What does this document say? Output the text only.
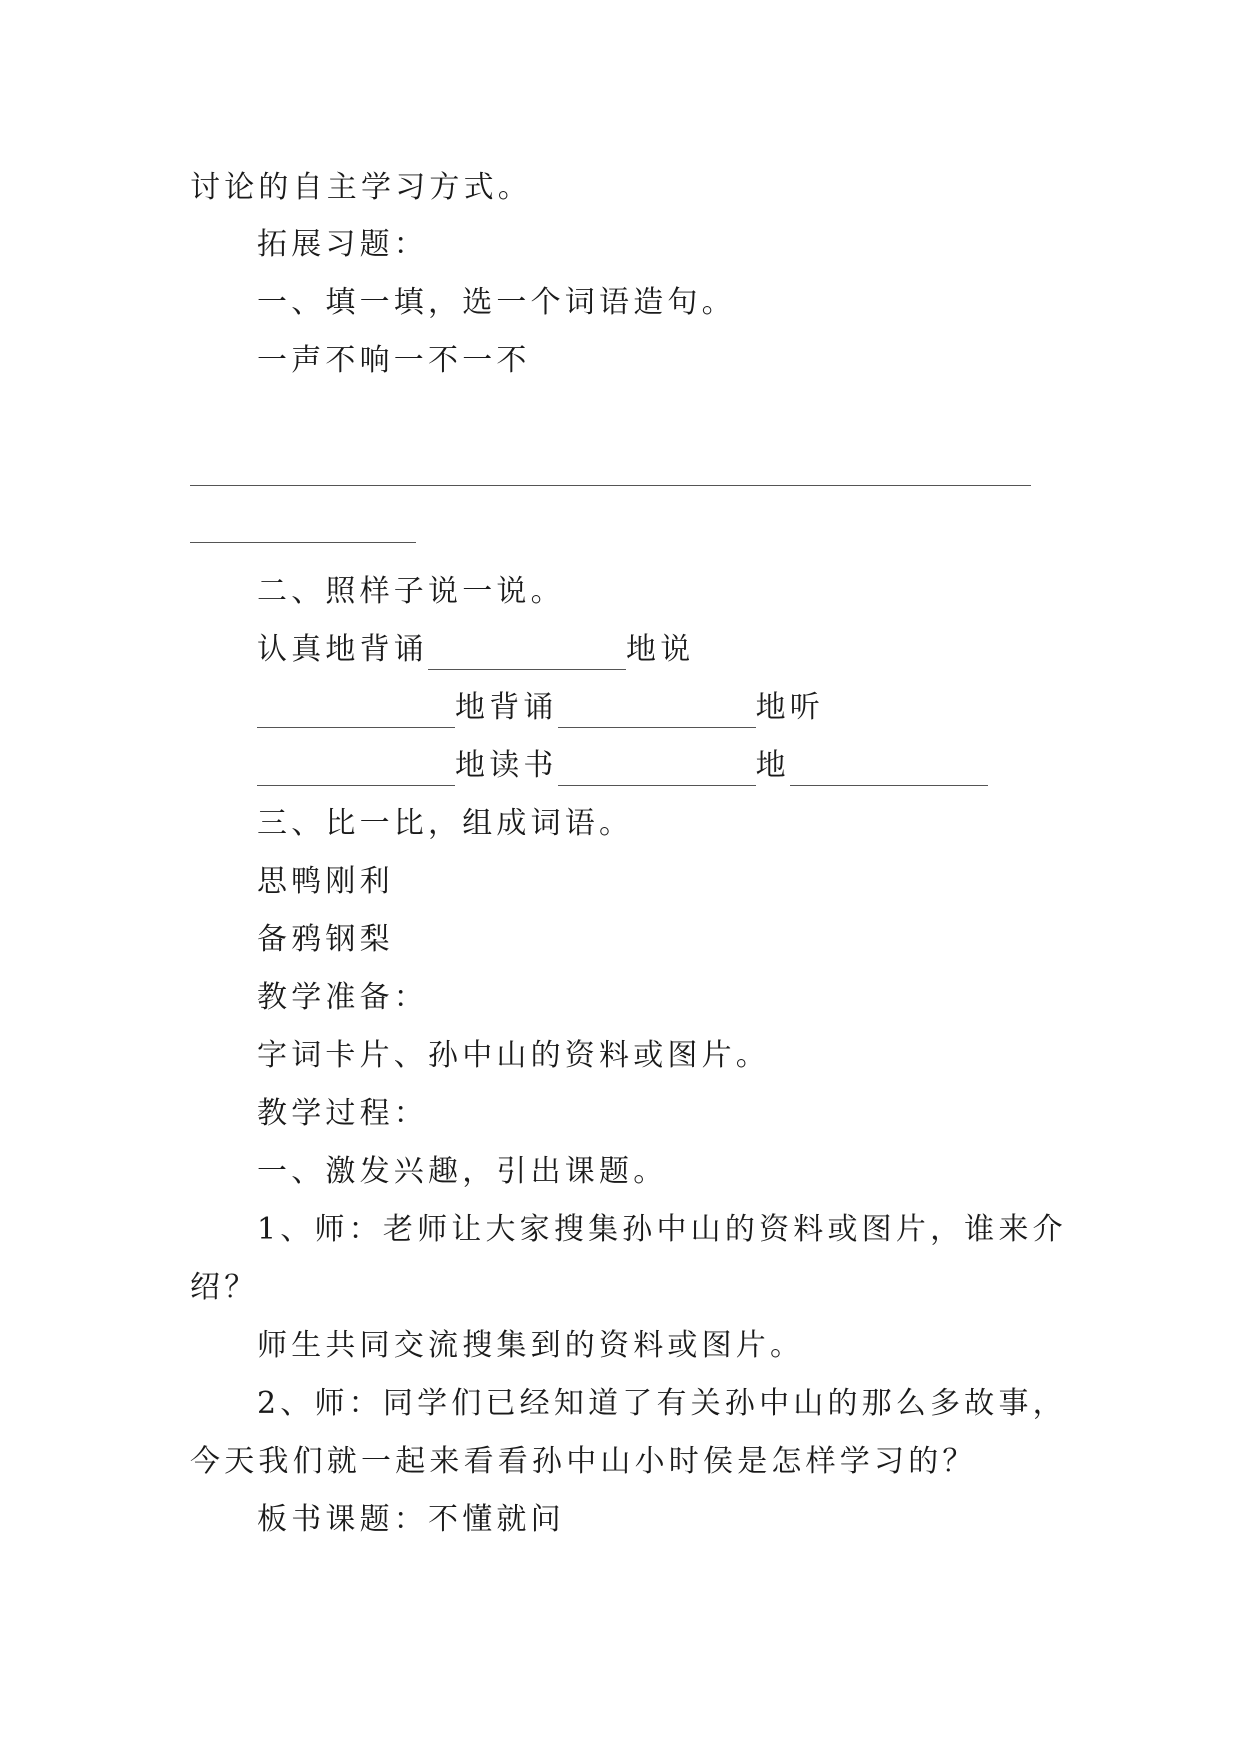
讨论的自主学习方式。
拓展习题：
一、填一填，选一个词语造句。
一声不响一不一不
二、照样子说一说。
认真地背诵	地说
地背诵	地听
地读书	地
三、比一比，组成词语。
思鸭刚利
备鸦钢梨
教学准备：
字词卡片、孙中山的资料或图片。
教学过程：
一、激发兴趣，引出课题。
1、师：老师让大家搜集孙中山的资料或图片，谁来介
绍？
师生共同交流搜集到的资料或图片。
2、师：同学们已经知道了有关孙中山的那么多故事，
今天我们就一起来看看孙中山小时侯是怎样学习的？
板书课题：不懂就问
